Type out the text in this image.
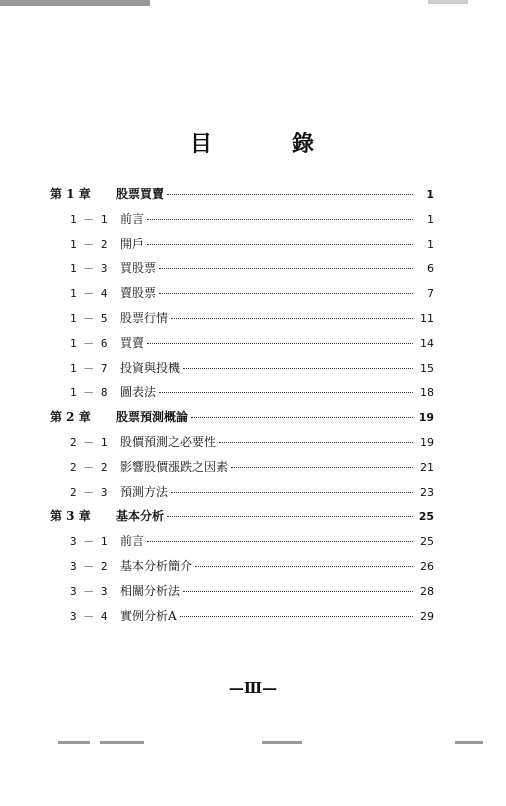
目	錄
第 1 章	股票買賣	1
1 － 1	前言	1
1 － 2	開戶	1
1 － 3	買股票	6
1 － 4	賣股票	7
1 － 5	股票行情	11
1 － 6	買賣	14
1 － 7	投資與投機	15
1 － 8	圖表法	18
第 2 章	股票預測概論	19
2 － 1	股價預測之必要性	19
2 － 2	影響股價漲跌之因素	21
2 － 3	預測方法	23
第 3 章	基本分析	25
3 － 1	前言	25
3 － 2	基本分析簡介	26
3 － 3	相關分析法	28
3 － 4	實例分析A	29
—Ⅲ—
